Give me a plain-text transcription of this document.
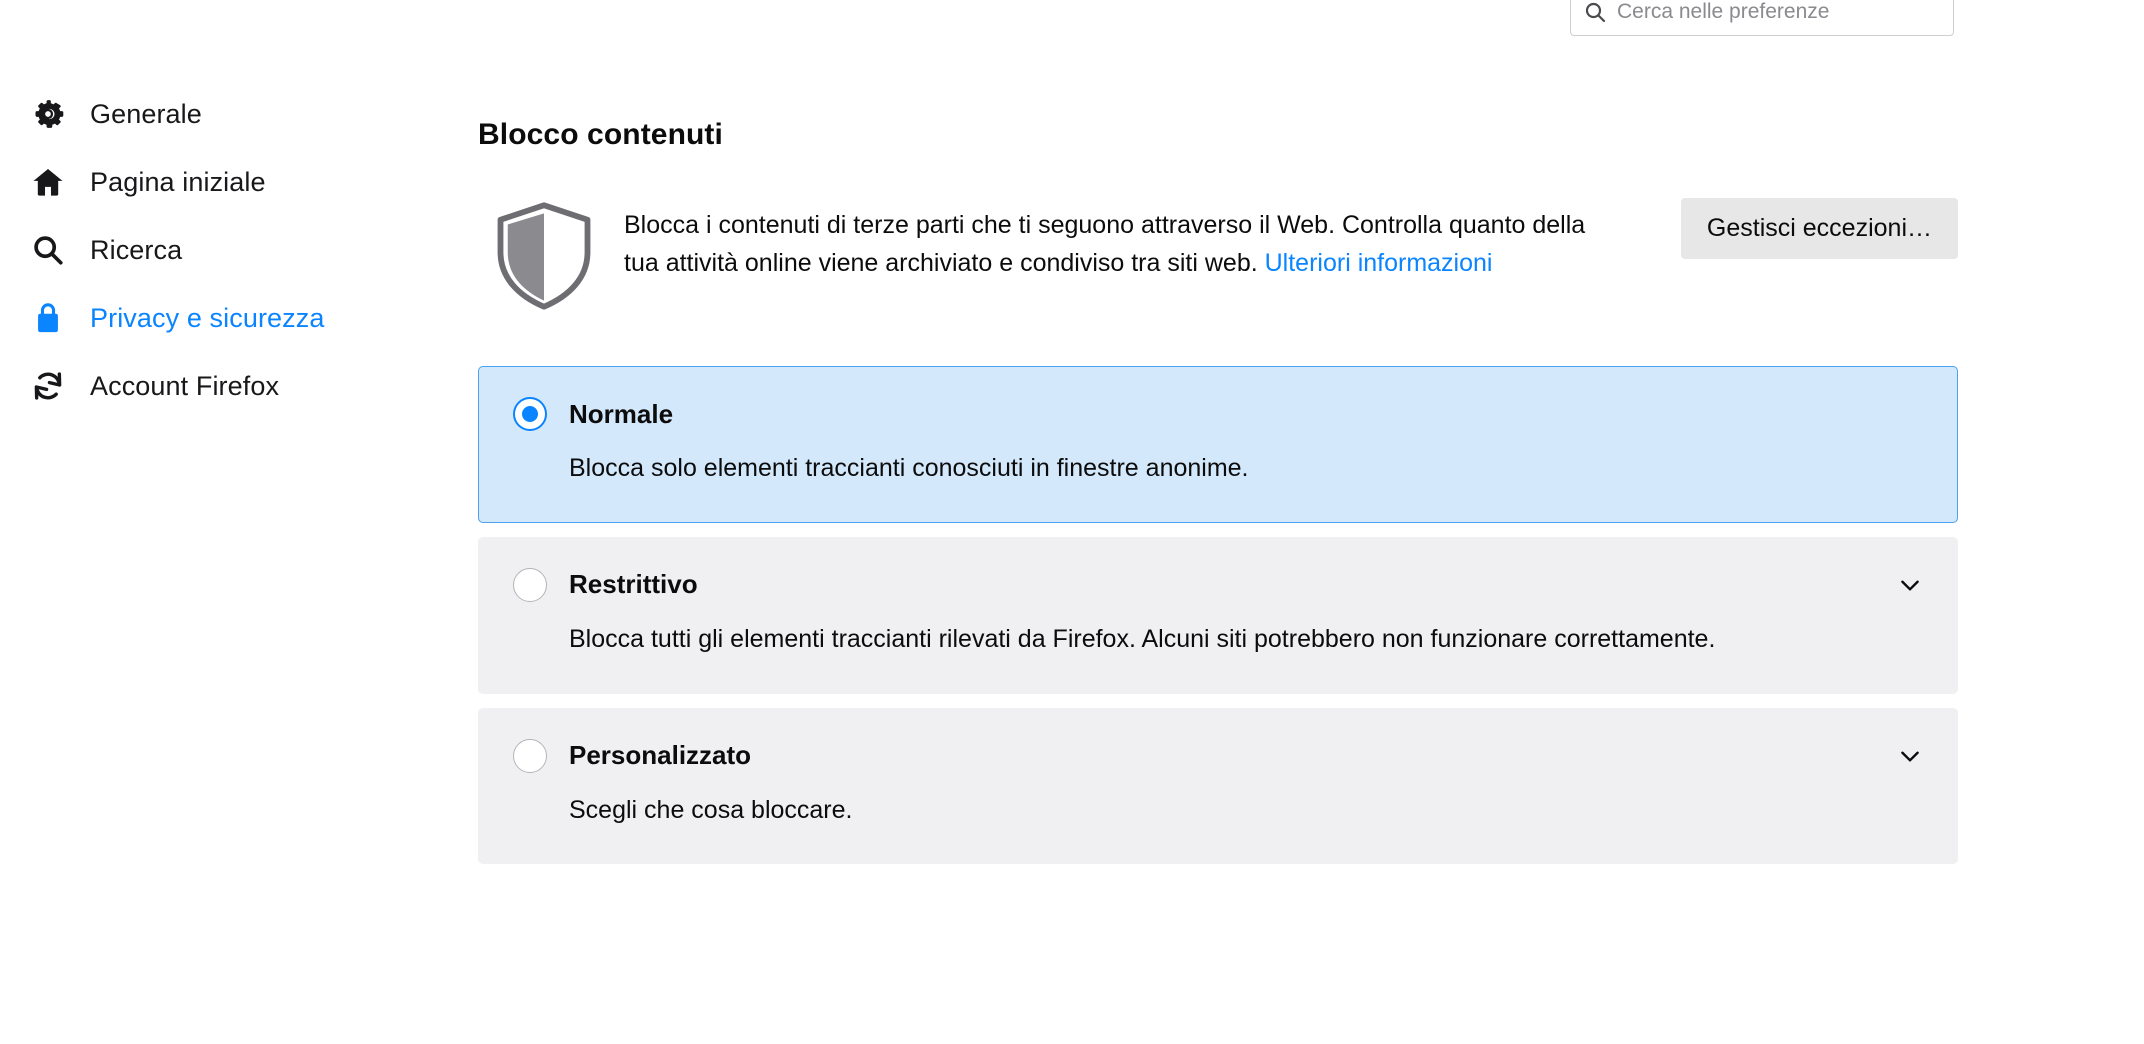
Cerca nelle preferenze
Generale
Pagina iniziale
Ricerca
Privacy e sicurezza
Account Firefox
Blocco contenuti
Blocca i contenuti di terze parti che ti seguono attraverso il Web. Controlla quanto della tua attività online viene archiviato e condiviso tra siti web. Ulteriori informazioni
Gestisci eccezioni…
Normale
Blocca solo elementi traccianti conosciuti in finestre anonime.
Restrittivo
Blocca tutti gli elementi traccianti rilevati da Firefox. Alcuni siti potrebbero non funzionare correttamente.
Personalizzato
Scegli che cosa bloccare.
